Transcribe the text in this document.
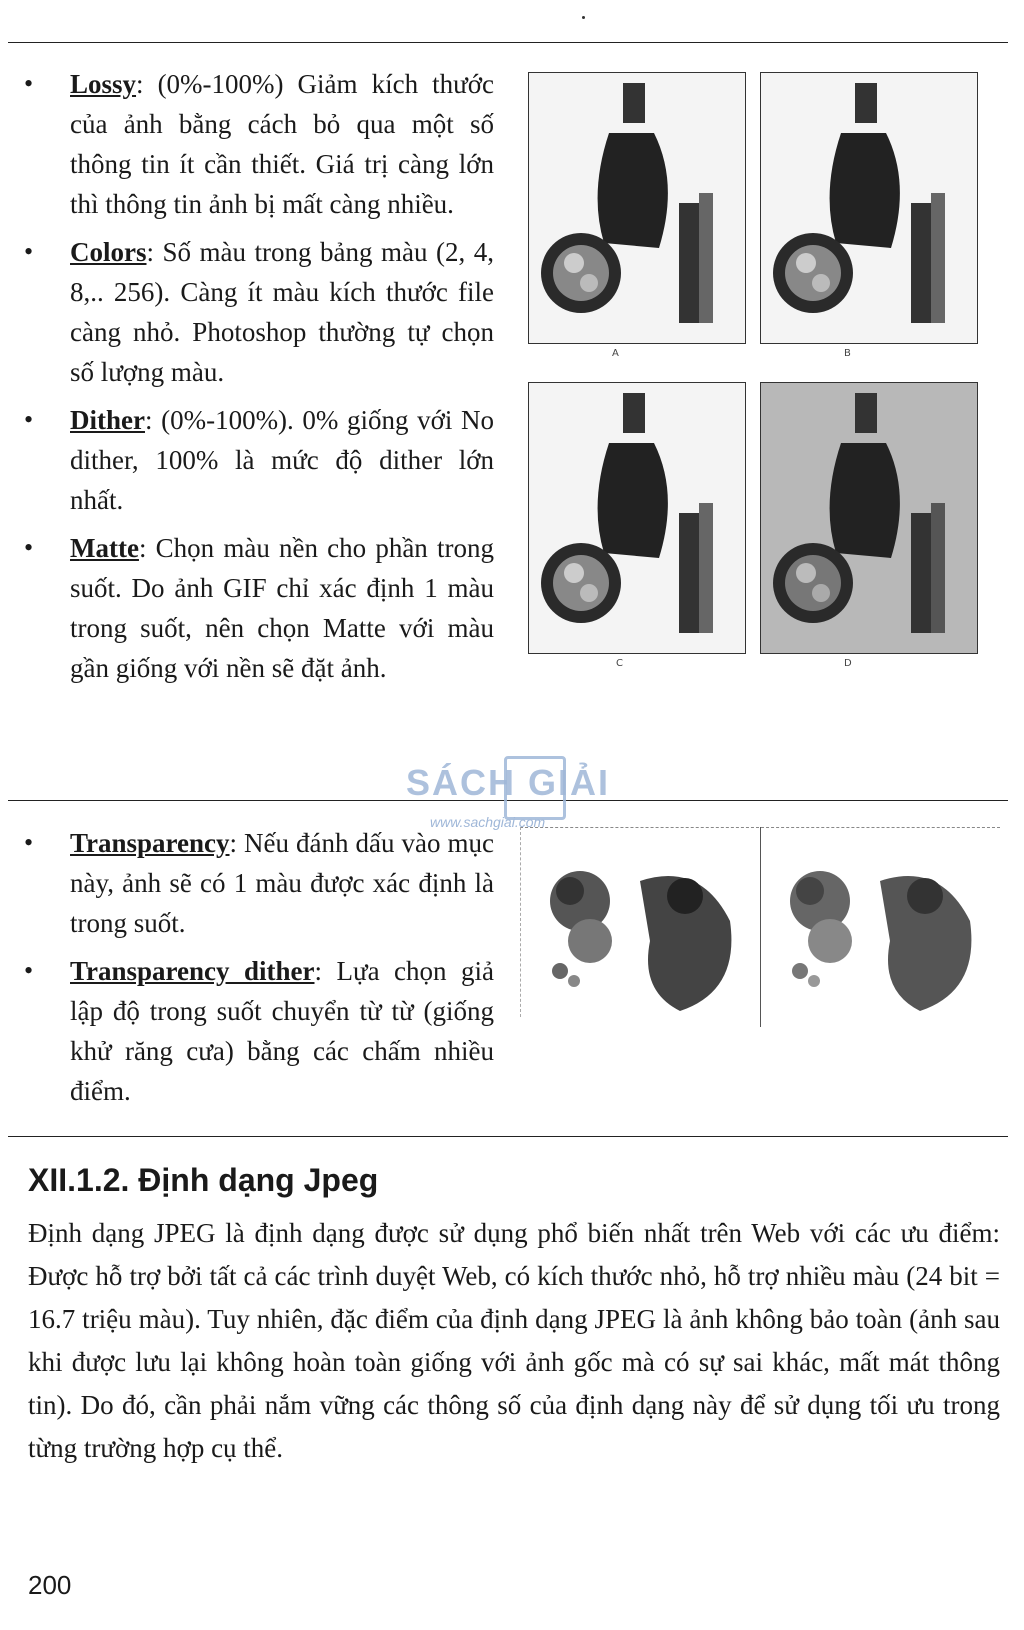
• Lossy: (0%-100%) Giảm kích thước của ảnh bằng cách bỏ qua một số thông tin ít cần thiết. Giá trị càng lớn thì thông tin ảnh bị mất càng nhiều.
• Colors: Số màu trong bảng màu (2, 4, 8,.. 256). Càng ít màu kích thước file càng nhỏ. Photoshop thường tự chọn số lượng màu.
• Dither: (0%-100%). 0% giống với No dither, 100% là mức độ dither lớn nhất.
• Matte: Chọn màu nền cho phần trong suốt. Do ảnh GIF chỉ xác định 1 màu trong suốt, nên chọn Matte với màu gần giống với nền sẽ đặt ảnh.
A	B
C	D
SÁCH GIẢI
www.sachgiai.com
• Transparency: Nếu đánh dấu vào mục này, ảnh sẽ có 1 màu được xác định là trong suốt.
• Transparency dither: Lựa chọn giả lập độ trong suốt chuyển từ từ (giống khử răng cưa) bằng các chấm nhiều điểm.
XII.1.2. Định dạng Jpeg
Định dạng JPEG là định dạng được sử dụng phổ biến nhất trên Web với các ưu điểm: Được hỗ trợ bởi tất cả các trình duyệt Web, có kích thước nhỏ, hỗ trợ nhiều màu (24 bit = 16.7 triệu màu). Tuy nhiên, đặc điểm của định dạng JPEG là ảnh không bảo toàn (ảnh sau khi được lưu lại không hoàn toàn giống với ảnh gốc mà có sự sai khác, mất mát thông tin). Do đó, cần phải nắm vững các thông số của định dạng này để sử dụng tối ưu trong từng trường hợp cụ thể.
200
